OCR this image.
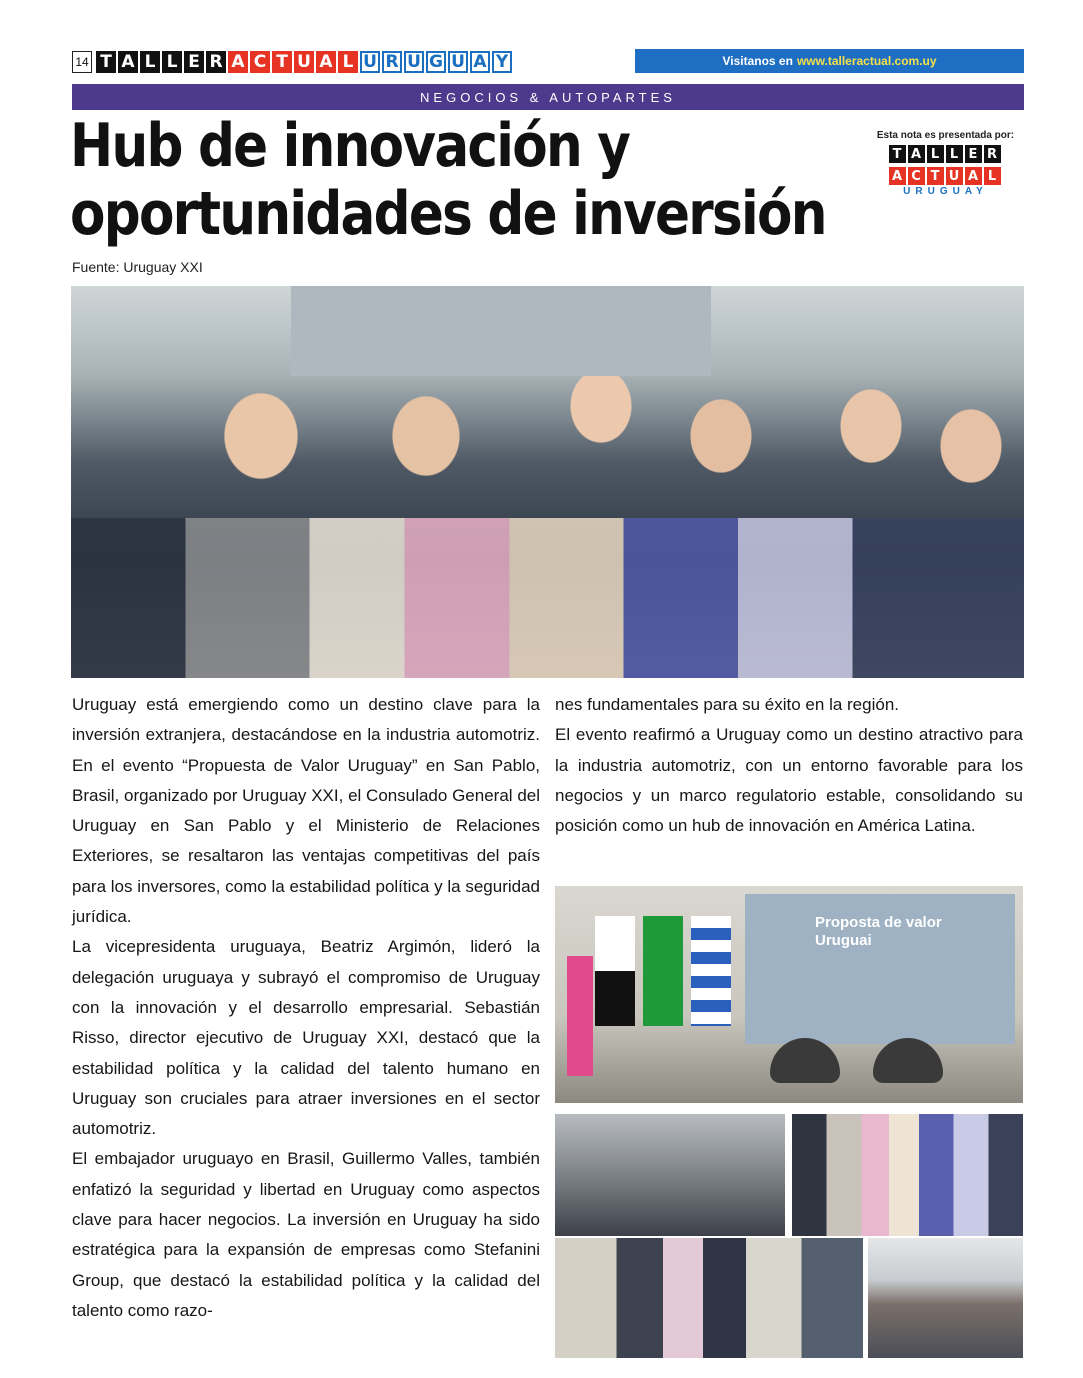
14 T A L L E R A C T U A L U R U G U A Y	Visitanos en www.talleractual.com.uy
NEGOCIOS & AUTOPARTES
Hub de innovación y
oportunidades de inversión
Fuente: Uruguay XXI
Esta nota es presentada por:
T A L L E R
A C T U A L
URUGUAY

Uruguay está emergiendo como un destino clave para la inversión extranjera, destacándose en la industria automotriz. En el evento “Propuesta de Valor Uruguay” en San Pablo, Brasil, organizado por Uruguay XXI, el Consulado General del Uruguay en San Pablo y el Ministerio de Relaciones Exteriores, se resaltaron las ventajas competitivas del país para los inversores, como la estabilidad política y la seguridad jurídica.

La vicepresidenta uruguaya, Beatriz Argimón, lideró la delegación uruguaya y subrayó el compromiso de Uruguay con la innovación y el desarrollo empresarial. Sebastián Risso, director ejecutivo de Uruguay XXI, destacó que la estabilidad política y la calidad del talento humano en Uruguay son cruciales para atraer inversiones en el sector automotriz.

El embajador uruguayo en Brasil, Guillermo Valles, también enfatizó la seguridad y libertad en Uruguay como aspectos clave para hacer negocios. La inversión en Uruguay ha sido estratégica para la expansión de empresas como Stefanini Group, que destacó la estabilidad política y la calidad del talento como razo-

nes fundamentales para su éxito en la región.

El evento reafirmó a Uruguay como un destino atractivo para la industria automotriz, con un entorno favorable para los negocios y un marco regulatorio estable, consolidando su posición como un hub de innovación en América Latina.

Proposta de valor
Uruguai
